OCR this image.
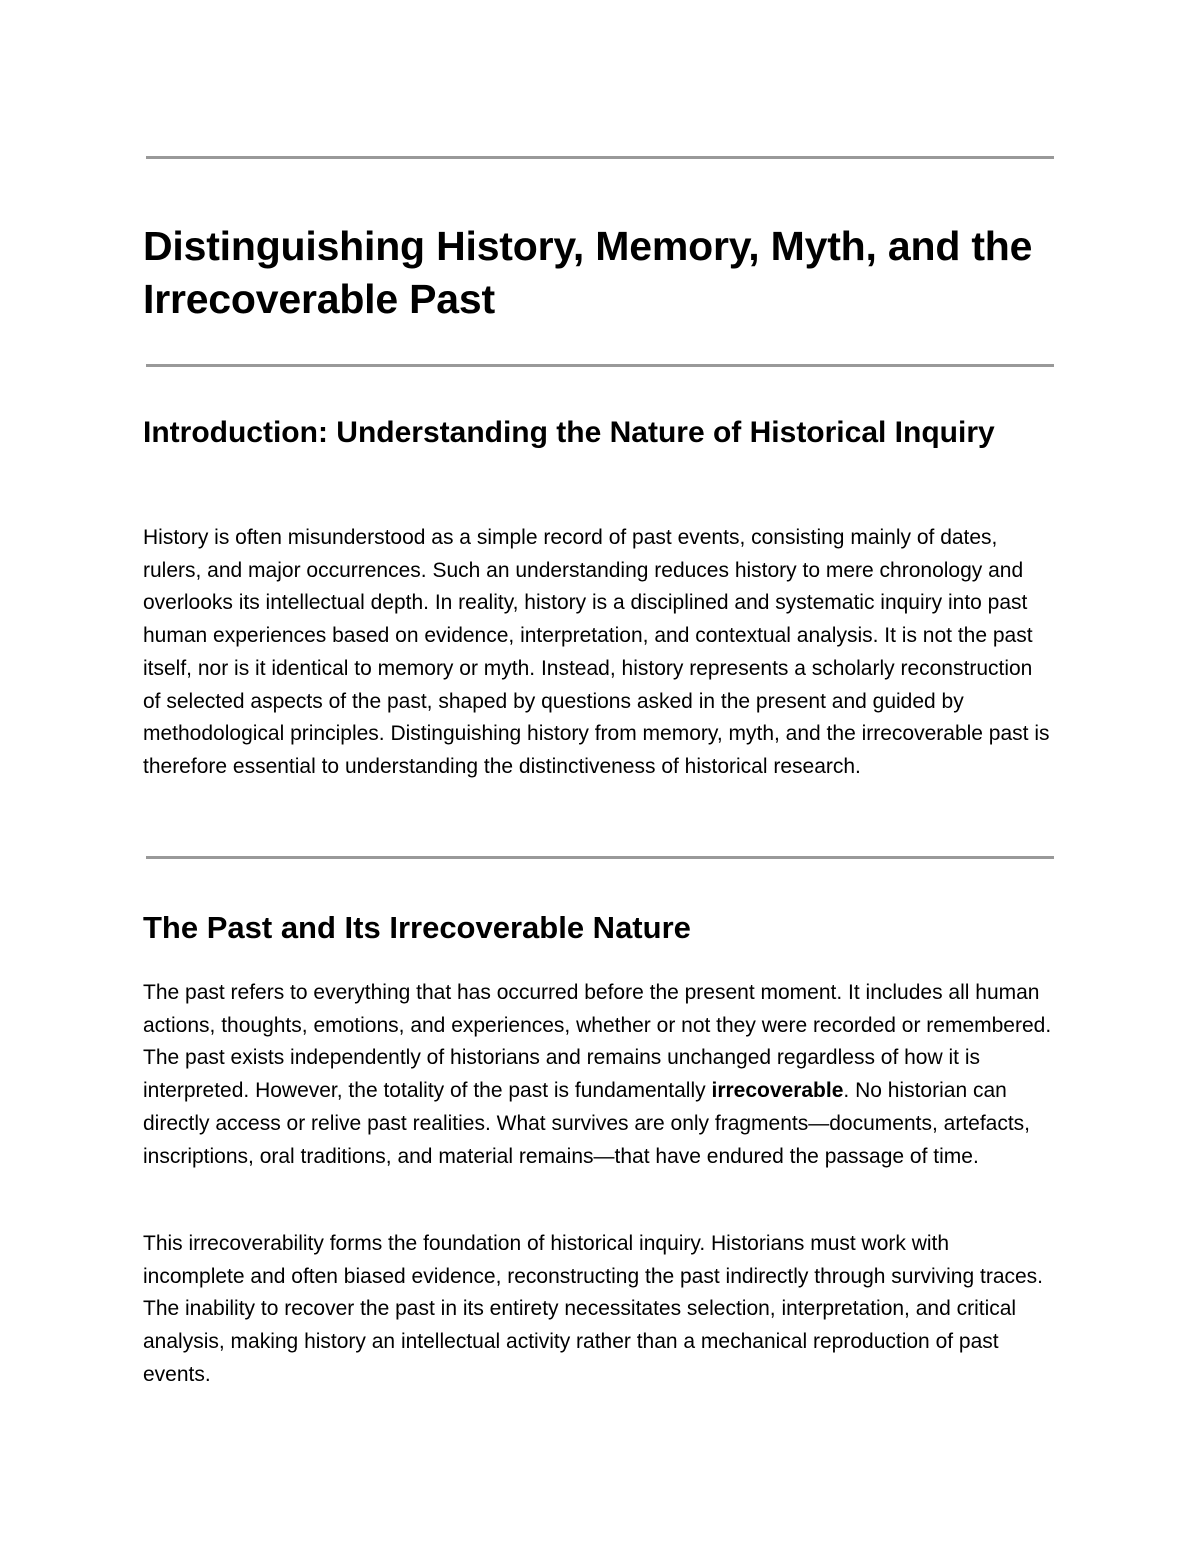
Distinguishing History, Memory, Myth, and the Irrecoverable Past
Introduction: Understanding the Nature of Historical Inquiry

History is often misunderstood as a simple record of past events, consisting mainly of dates, rulers, and major occurrences. Such an understanding reduces history to mere chronology and overlooks its intellectual depth. In reality, history is a disciplined and systematic inquiry into past human experiences based on evidence, interpretation, and contextual analysis. It is not the past itself, nor is it identical to memory or myth. Instead, history represents a scholarly reconstruction of selected aspects of the past, shaped by questions asked in the present and guided by methodological principles. Distinguishing history from memory, myth, and the irrecoverable past is therefore essential to understanding the distinctiveness of historical research.

The Past and Its Irrecoverable Nature

The past refers to everything that has occurred before the present moment. It includes all human actions, thoughts, emotions, and experiences, whether or not they were recorded or remembered. The past exists independently of historians and remains unchanged regardless of how it is interpreted. However, the totality of the past is fundamentally irrecoverable. No historian can directly access or relive past realities. What survives are only fragments—documents, artefacts, inscriptions, oral traditions, and material remains—that have endured the passage of time.

This irrecoverability forms the foundation of historical inquiry. Historians must work with incomplete and often biased evidence, reconstructing the past indirectly through surviving traces. The inability to recover the past in its entirety necessitates selection, interpretation, and critical analysis, making history an intellectual activity rather than a mechanical reproduction of past events.
